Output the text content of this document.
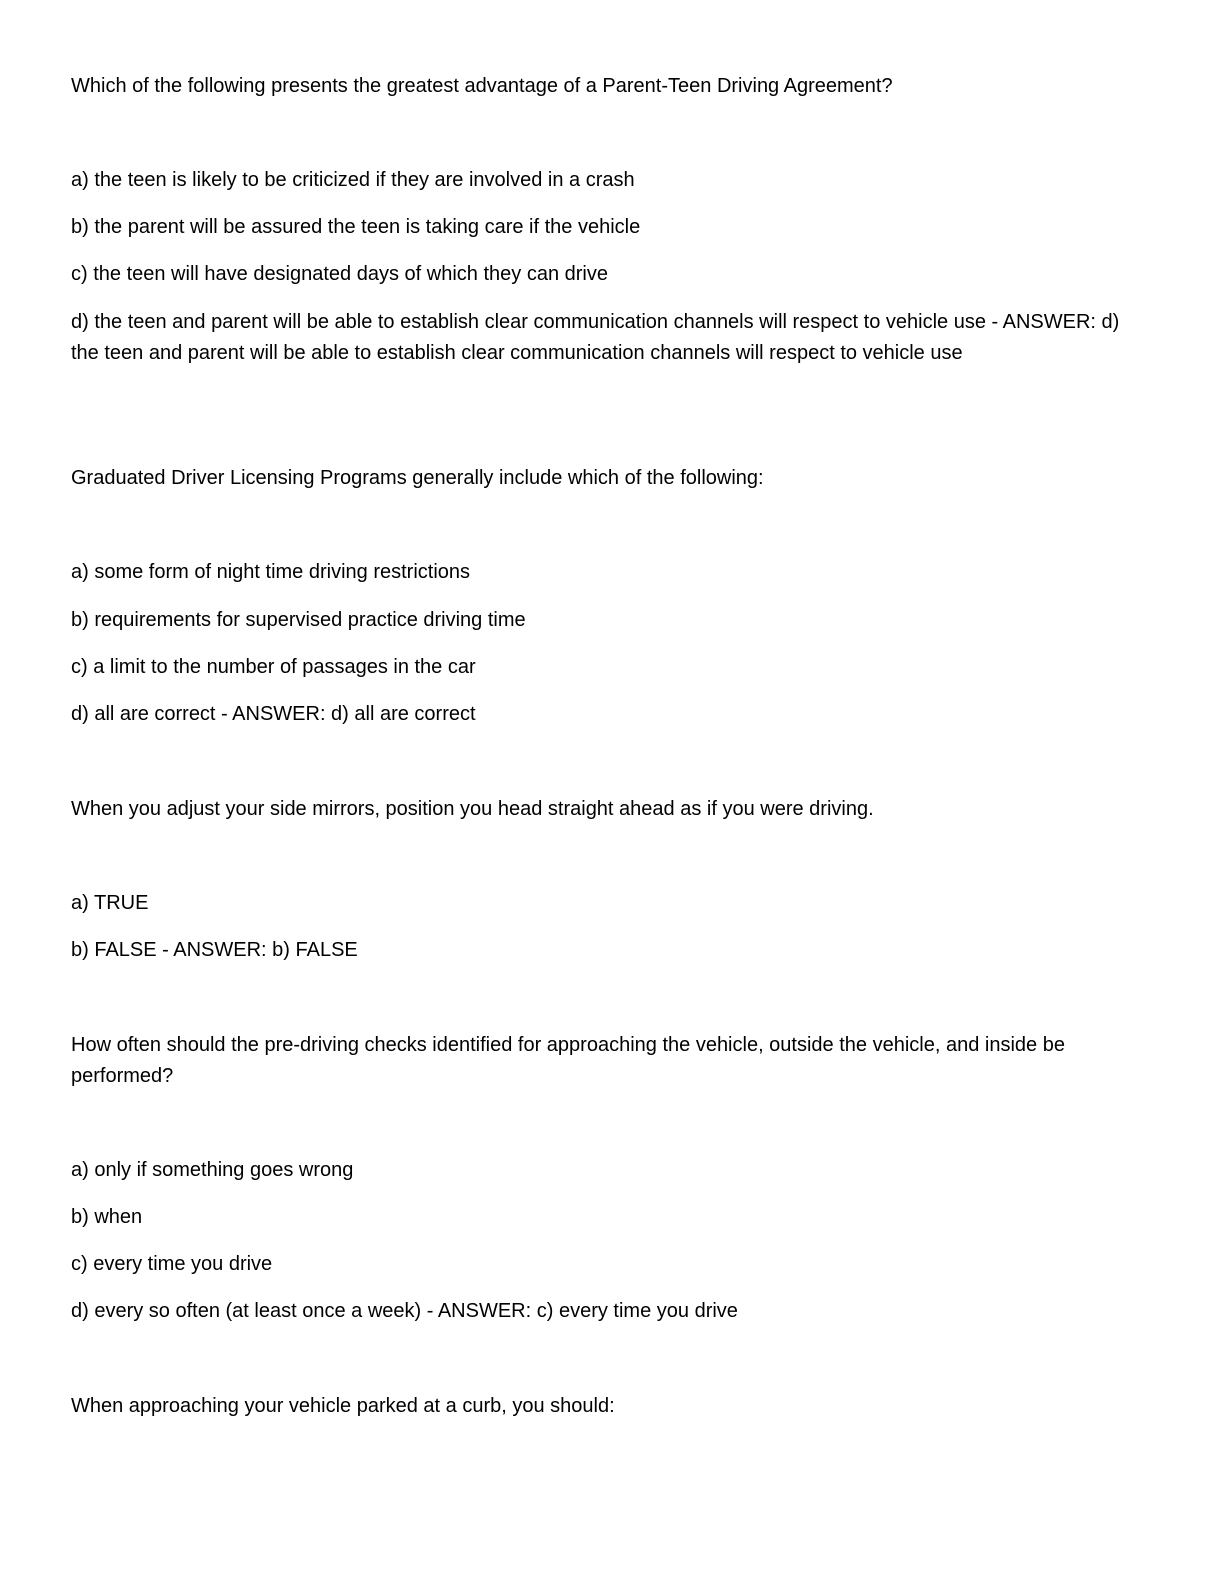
Which of the following presents the greatest advantage of a Parent-Teen Driving Agreement?

a) the teen is likely to be criticized if they are involved in a crash

b) the parent will be assured the teen is taking care if the vehicle

c) the teen will have designated days of which they can drive

d) the teen and parent will be able to establish clear communication channels will respect to vehicle use - ANSWER: d) the teen and parent will be able to establish clear communication channels will respect to vehicle use

Graduated Driver Licensing Programs generally include which of the following:

a) some form of night time driving restrictions

b) requirements for supervised practice driving time

c) a limit to the number of passages in the car

d) all are correct - ANSWER: d) all are correct

When you adjust your side mirrors, position you head straight ahead as if you were driving.

a) TRUE

b) FALSE - ANSWER: b) FALSE

How often should the pre-driving checks identified for approaching the vehicle, outside the vehicle, and inside be performed?

a) only if something goes wrong

b) when

c) every time you drive

d) every so often (at least once a week) - ANSWER: c) every time you drive

When approaching your vehicle parked at a curb, you should:
